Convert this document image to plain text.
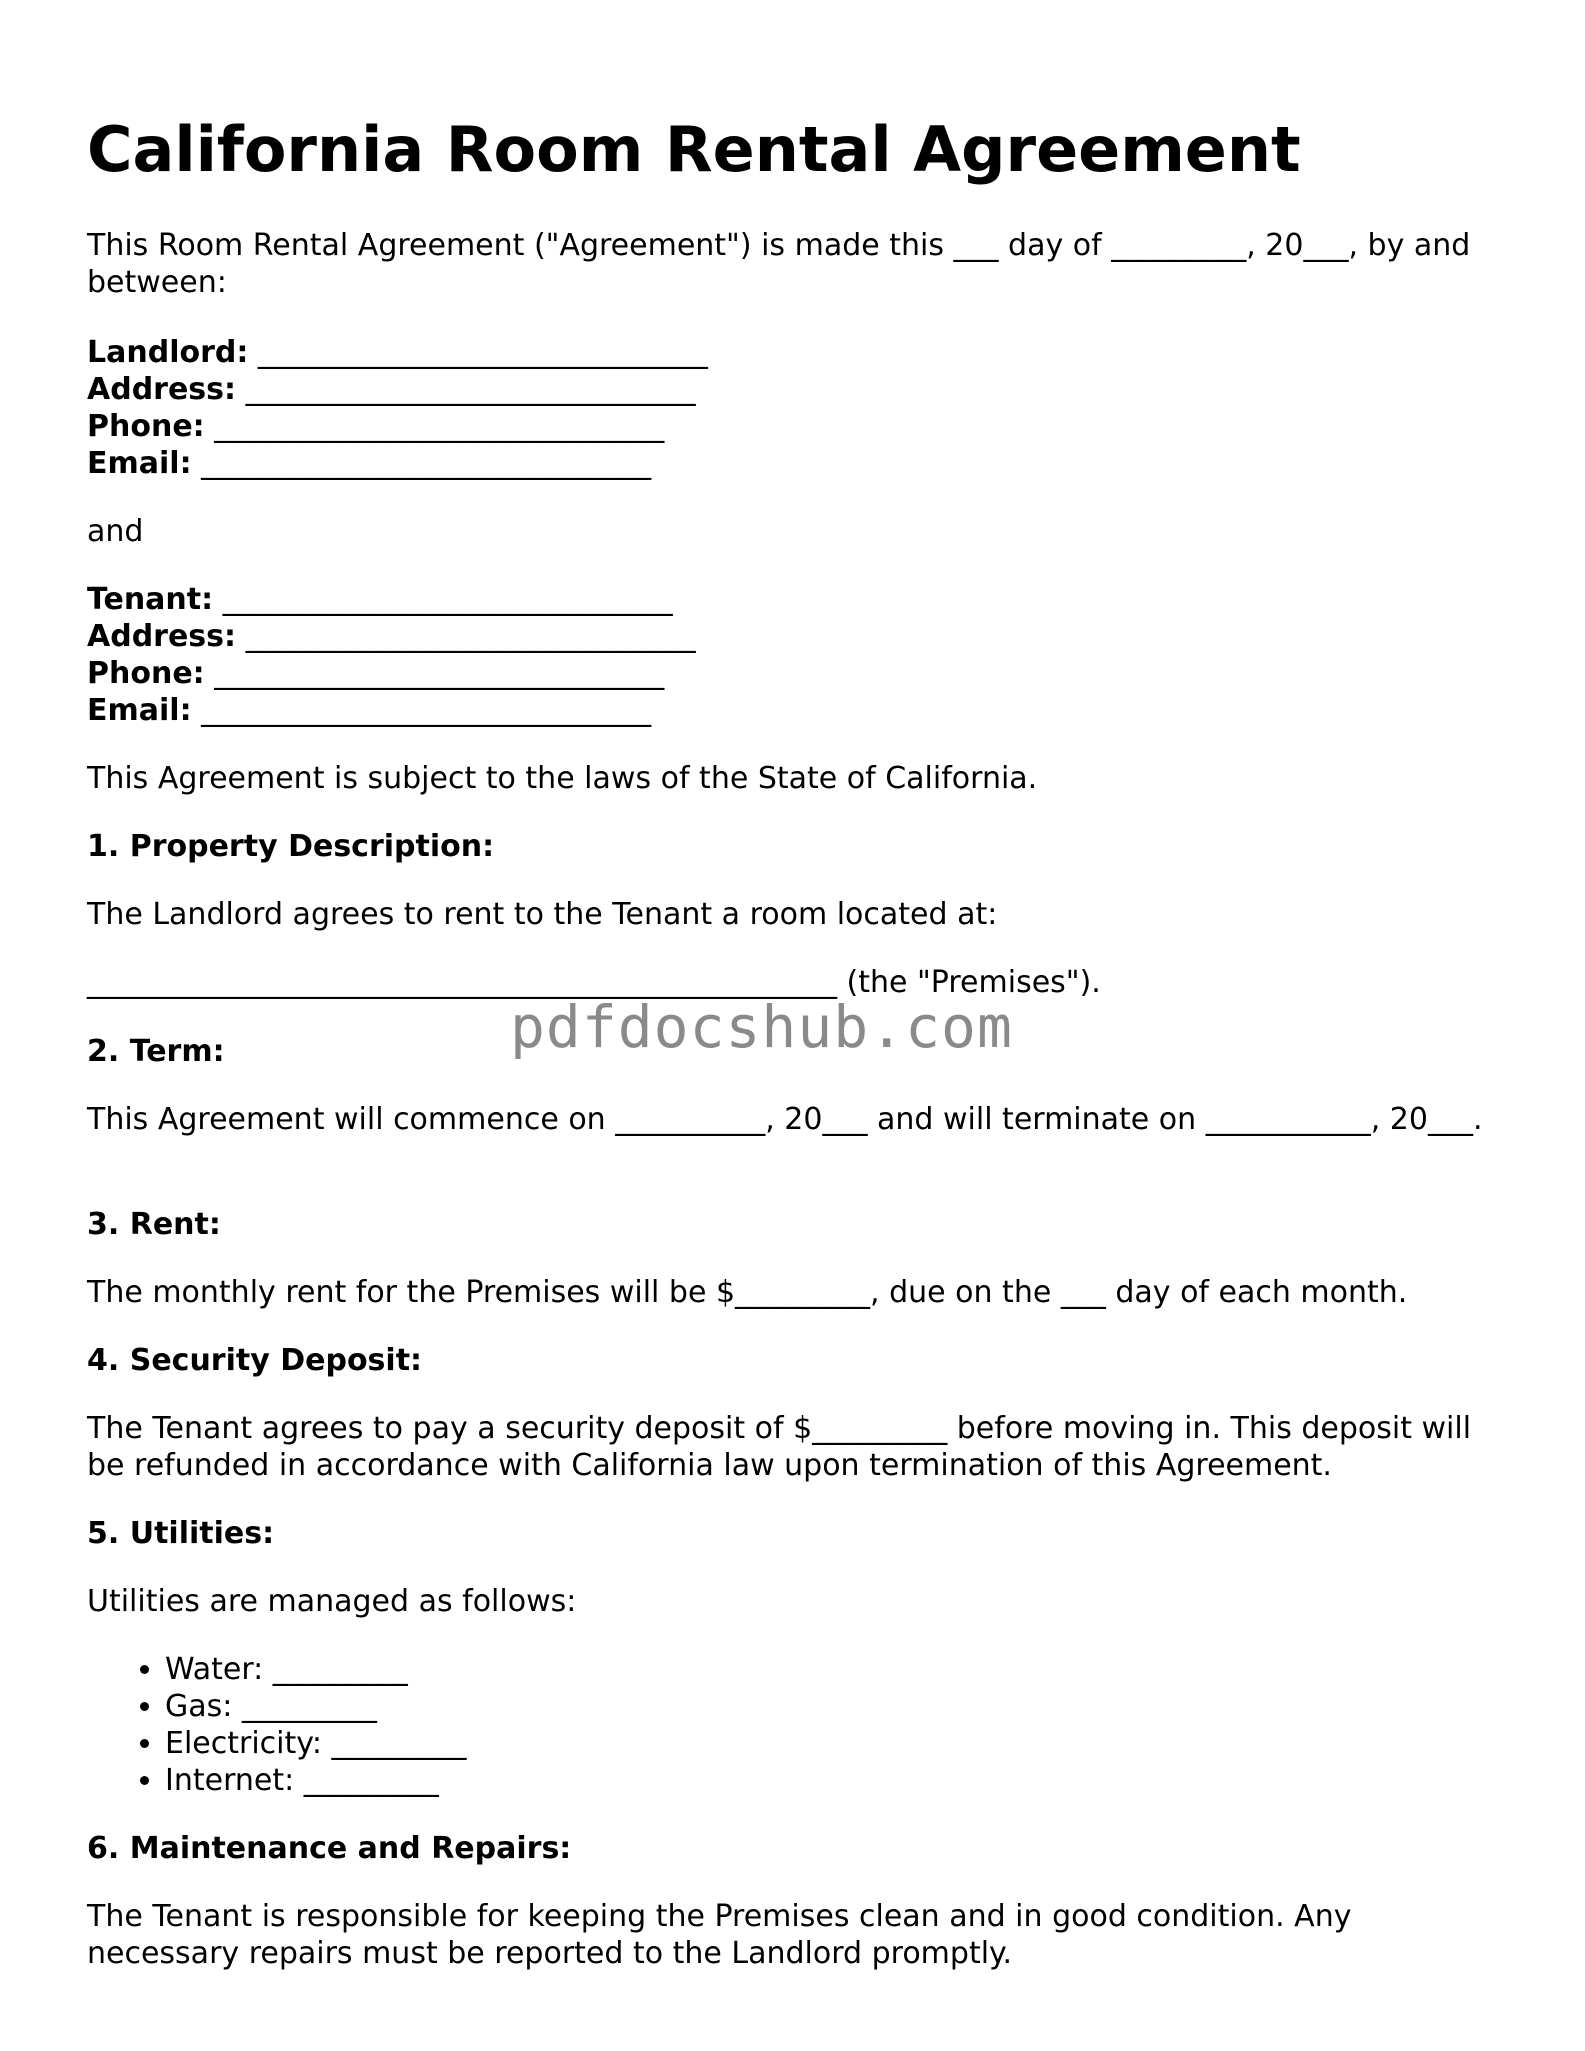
California Room Rental Agreement

This Room Rental Agreement ("Agreement") is made this ___ day of _________, 20___, by and between:

Landlord: ______________________________
Address: ______________________________
Phone: ______________________________
Email: ______________________________

and

Tenant: ______________________________
Address: ______________________________
Phone: ______________________________
Email: ______________________________

This Agreement is subject to the laws of the State of California.

1. Property Description:

The Landlord agrees to rent to the Tenant a room located at:

__________________________________________________ (the "Premises").

2. Term:

This Agreement will commence on __________, 20___ and will terminate on ___________, 20___.

3. Rent:

The monthly rent for the Premises will be $_________, due on the ___ day of each month.

4. Security Deposit:

The Tenant agrees to pay a security deposit of $_________ before moving in. This deposit will be refunded in accordance with California law upon termination of this Agreement.

5. Utilities:

Utilities are managed as follows:

• Water: _________
• Gas: _________
• Electricity: _________
• Internet: _________

6. Maintenance and Repairs:

The Tenant is responsible for keeping the Premises clean and in good condition. Any necessary repairs must be reported to the Landlord promptly.

pdfdocshub.com
